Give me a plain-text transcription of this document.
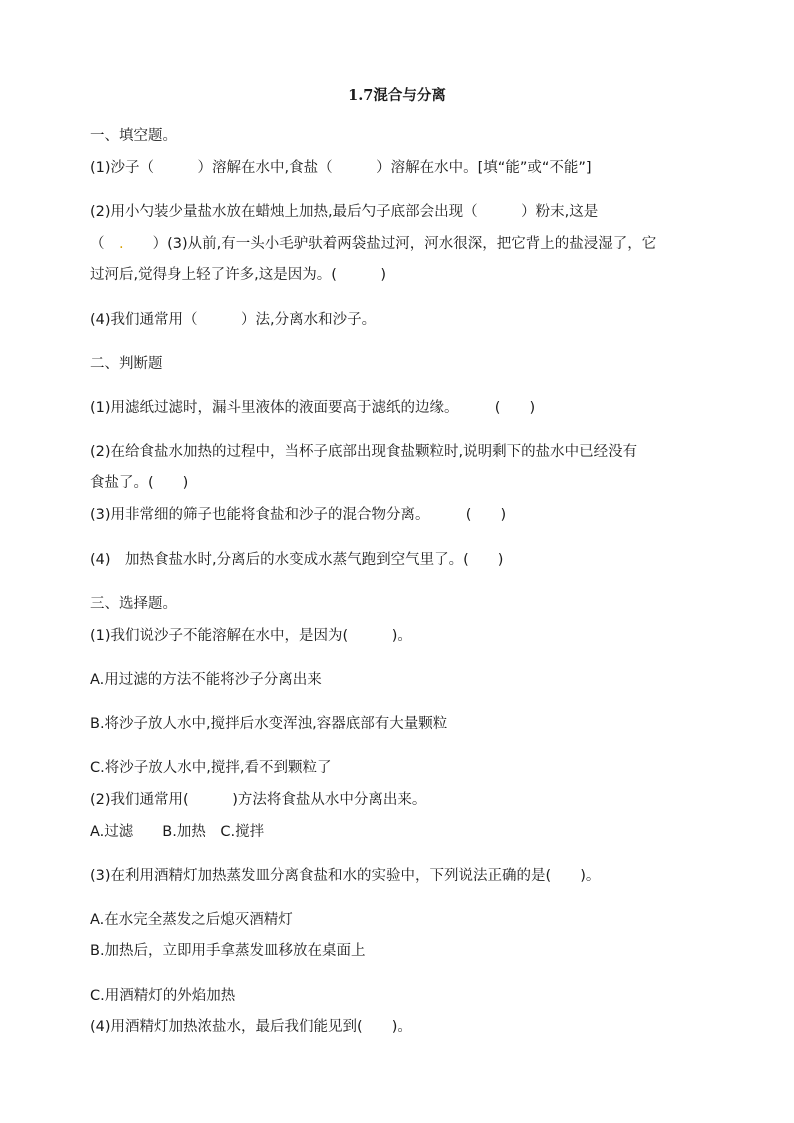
1.7混合与分离
一、填空题。
(1)沙子（　　　）溶解在水中,食盐（　　　）溶解在水中。[填“能”或“不能”]
(2)用小勺装少量盐水放在蜡烛上加热,最后勺子底部会出现（　　　）粉末,这是
（　.　　）(3)从前,有一头小毛驴驮着两袋盐过河，河水很深，把它背上的盐浸湿了，它
过河后,觉得身上轻了许多,这是因为。(　　　)
(4)我们通常用（　　　）法,分离水和沙子。
二、判断题
(1)用滤纸过滤时，漏斗里液体的液面要高于滤纸的边缘。　　　(　　)
(2)在给食盐水加热的过程中，当杯子底部出现食盐颗粒时,说明剩下的盐水中已经没有
食盐了。(　　)
(3)用非常细的筛子也能将食盐和沙子的混合物分离。　　　(　　)
(4)　加热食盐水时,分离后的水变成水蒸气跑到空气里了。(　　)
三、选择题。
(1)我们说沙子不能溶解在水中，是因为(　　　)。
A.用过滤的方法不能将沙子分离出来
B.将沙子放人水中,搅拌后水变浑浊,容器底部有大量颗粒
C.将沙子放人水中,搅拌,看不到颗粒了
(2)我们通常用(　　　)方法将食盐从水中分离出来。
A.过滤　　B.加热　C.搅拌
(3)在利用酒精灯加热蒸发皿分离食盐和水的实验中，下列说法正确的是(　　)。
A.在水完全蒸发之后熄灭酒精灯
B.加热后，立即用手拿蒸发皿移放在桌面上
C.用酒精灯的外焰加热
(4)用酒精灯加热浓盐水，最后我们能见到(　　)。
